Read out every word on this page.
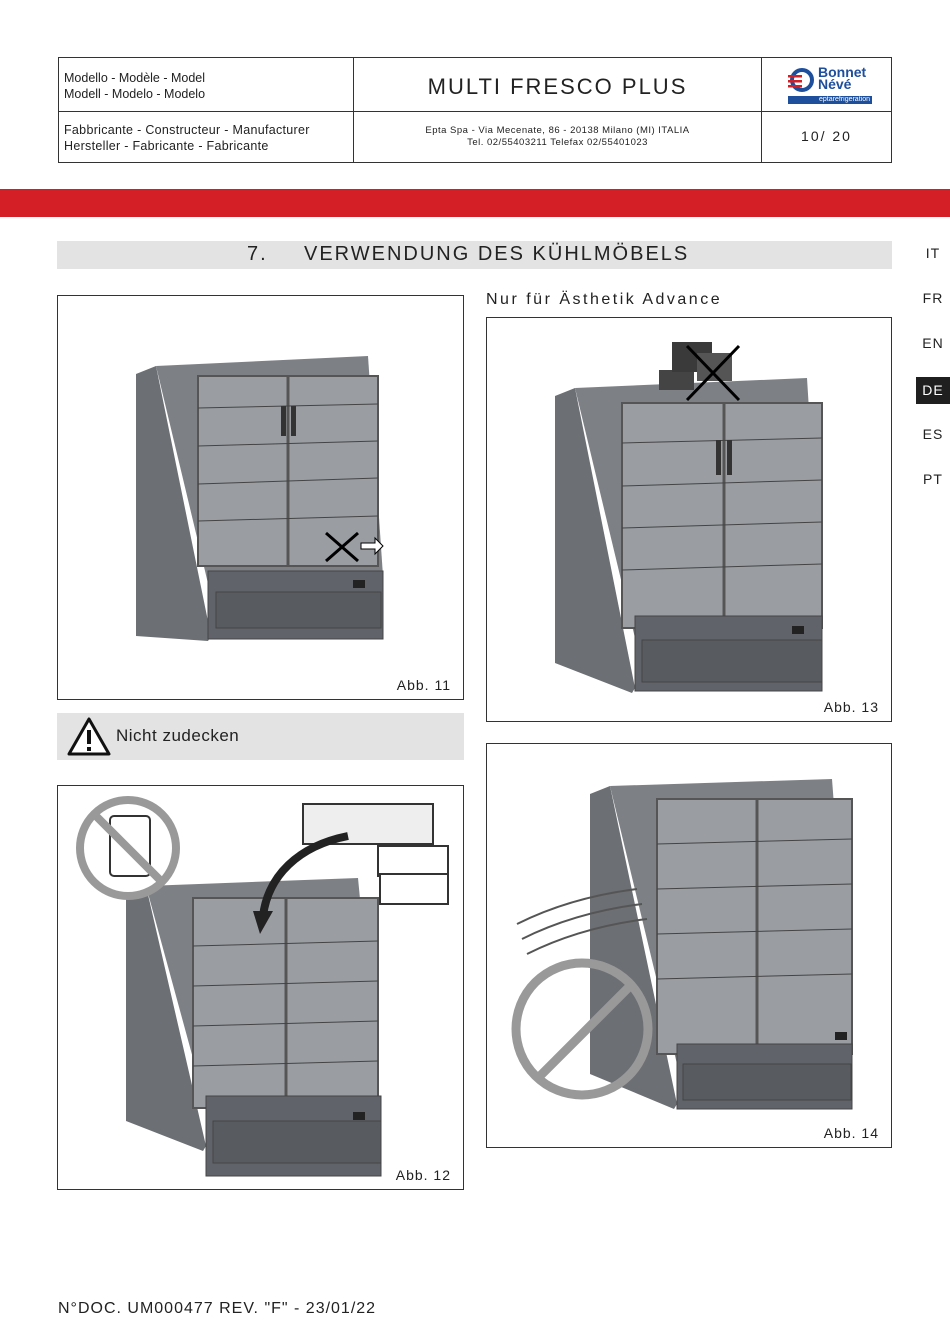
Modello - Modèle - Model
Modell - Modelo - Modelo	MULTI FRESCO PLUS
Bonnet
Névé
eptarefrigeration
Fabbricante - Constructeur - Manufacturer
Hersteller - Fabricante - Fabricante
Epta Spa - Via Mecenate, 86 - 20138 Milano (MI) ITALIA
Tel. 02/55403211 Telefax 02/55401023	10/ 20
7. VERWENDUNG DES KÜHLMÖBELS	IT
FR
EN
DE
ES
PT
Abb. 11
Nur für Ästhetik Advance
Abb. 13
Nicht zudecken
Abb. 12
Abb. 14
N°DOC. UM000477 REV. "F" - 23/01/22
